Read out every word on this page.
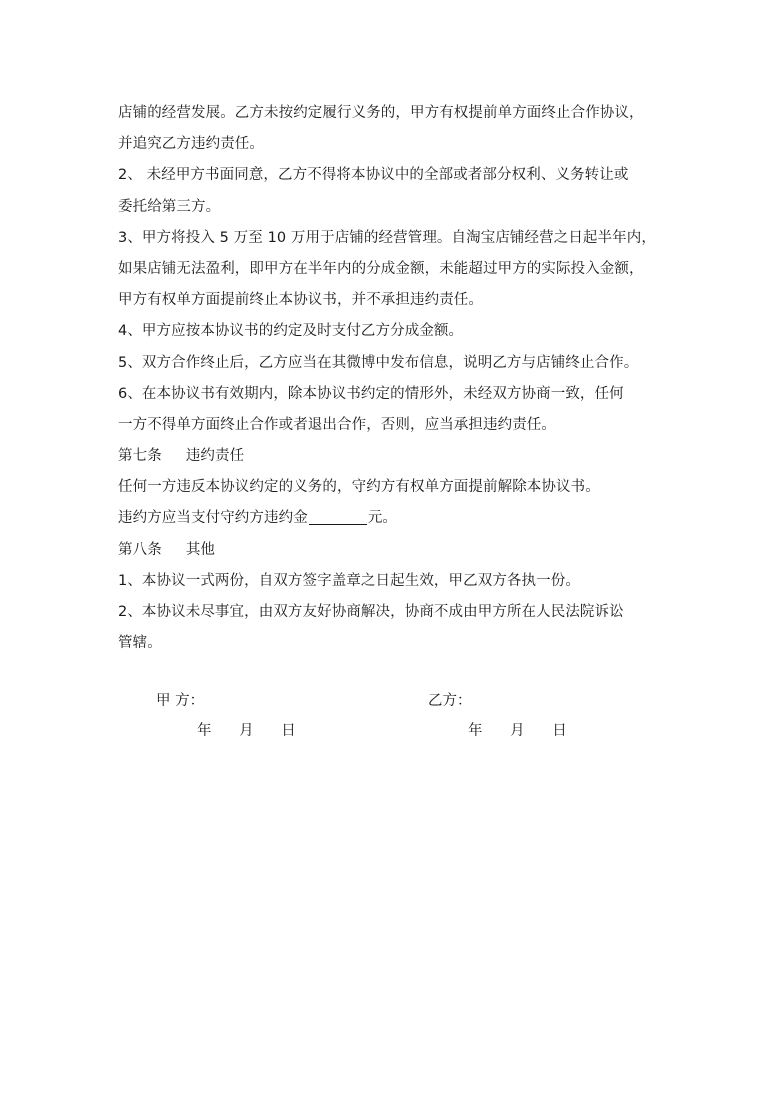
店铺的经营发展。乙方未按约定履行义务的，甲方有权提前单方面终止合作协议，
并追究乙方违约责任。
2、 未经甲方书面同意，乙方不得将本协议中的全部或者部分权利、义务转让或
委托给第三方。
3、甲方将投入 5 万至 10 万用于店铺的经营管理。自淘宝店铺经营之日起半年内，
如果店铺无法盈利，即甲方在半年内的分成金额，未能超过甲方的实际投入金额，
甲方有权单方面提前终止本协议书，并不承担违约责任。
4、甲方应按本协议书的约定及时支付乙方分成金额。
5、双方合作终止后，乙方应当在其微博中发布信息，说明乙方与店铺终止合作。
6、在本协议书有效期内，除本协议书约定的情形外，未经双方协商一致，任何
一方不得单方面终止合作或者退出合作，否则，应当承担违约责任。
第七条 违约责任
任何一方违反本协议约定的义务的，守约方有权单方面提前解除本协议书。
违约方应当支付守约方违约金	元。
第八条 其他
1、本协议一式两份，自双方签字盖章之日起生效，甲乙双方各执一份。
2、本协议未尽事宜，由双方友好协商解决，协商不成由甲方所在人民法院诉讼
管辖。
甲 方：	乙方：
年      月      日	年      月      日
